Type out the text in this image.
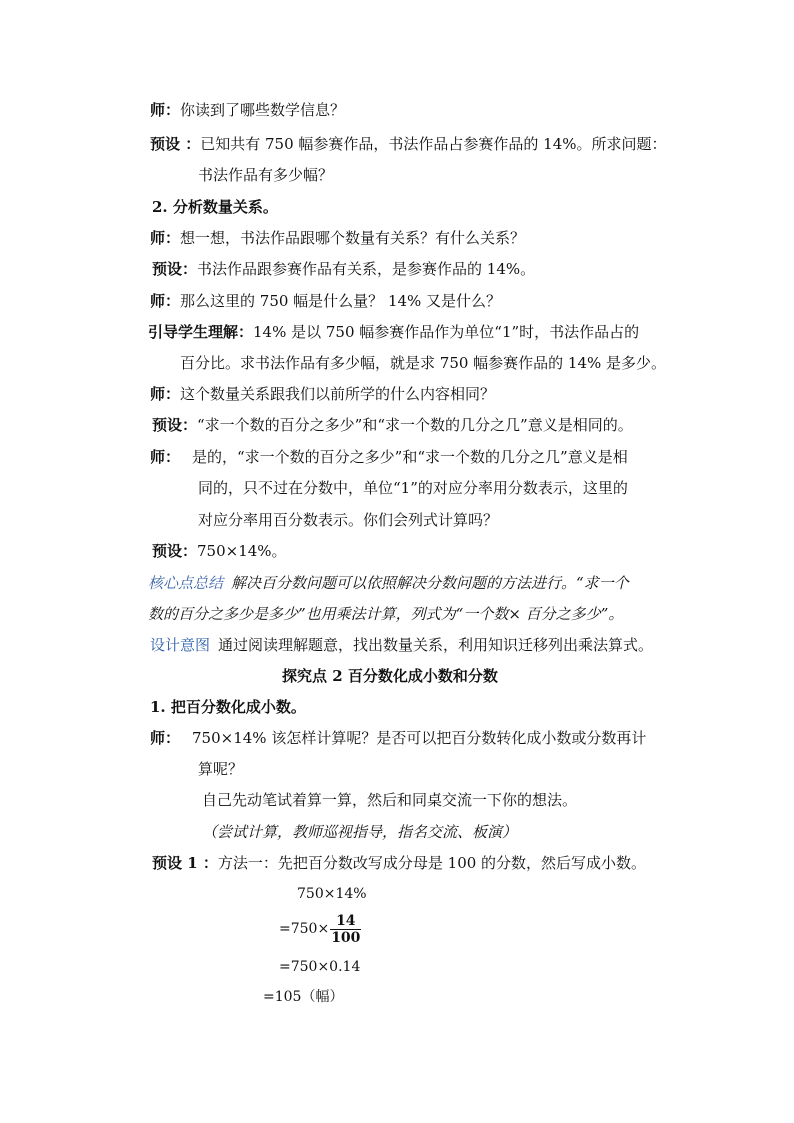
师：你读到了哪些数学信息？
预设 ：已知共有 750 幅参赛作品，书法作品占参赛作品的 14%。所求问题：
书法作品有多少幅？
2. 分析数量关系。
师：想一想，书法作品跟哪个数量有关系？有什么关系？
预设：书法作品跟参赛作品有关系，是参赛作品的 14%。
师：那么这里的 750 幅是什么量？ 14% 又是什么？
引导学生理解：14% 是以 750 幅参赛作品作为单位“1”时，书法作品占的
百分比。求书法作品有多少幅，就是求 750 幅参赛作品的 14% 是多少。
师：这个数量关系跟我们以前所学的什么内容相同？
预设：“求一个数的百分之多少”和“求一个数的几分之几”意义是相同的。
师： 是的，“求一个数的百分之多少”和“求一个数的几分之几”意义是相
同的，只不过在分数中，单位“1”的对应分率用分数表示，这里的
对应分率用百分数表示。你们会列式计算吗？
预设：750×14%。
核心点总结 解决百分数问题可以依照解决分数问题的方法进行。“求一个
数的百分之多少是多少”也用乘法计算，列式为“一个数× 百分之多少”。
设计意图 通过阅读理解题意，找出数量关系，利用知识迁移列出乘法算式。
探究点 2 百分数化成小数和分数
1. 把百分数化成小数。
师： 750×14% 该怎样计算呢？是否可以把百分数转化成小数或分数再计
算呢？
自己先动笔试着算一算，然后和同桌交流一下你的想法。
（尝试计算，教师巡视指导，指名交流、板演）
预设 1 ：方法一：先把百分数改写成分母是 100 的分数，然后写成小数。
750×14%
$=750\times \frac{14}{100}$
=750×0.14
=105（幅）
